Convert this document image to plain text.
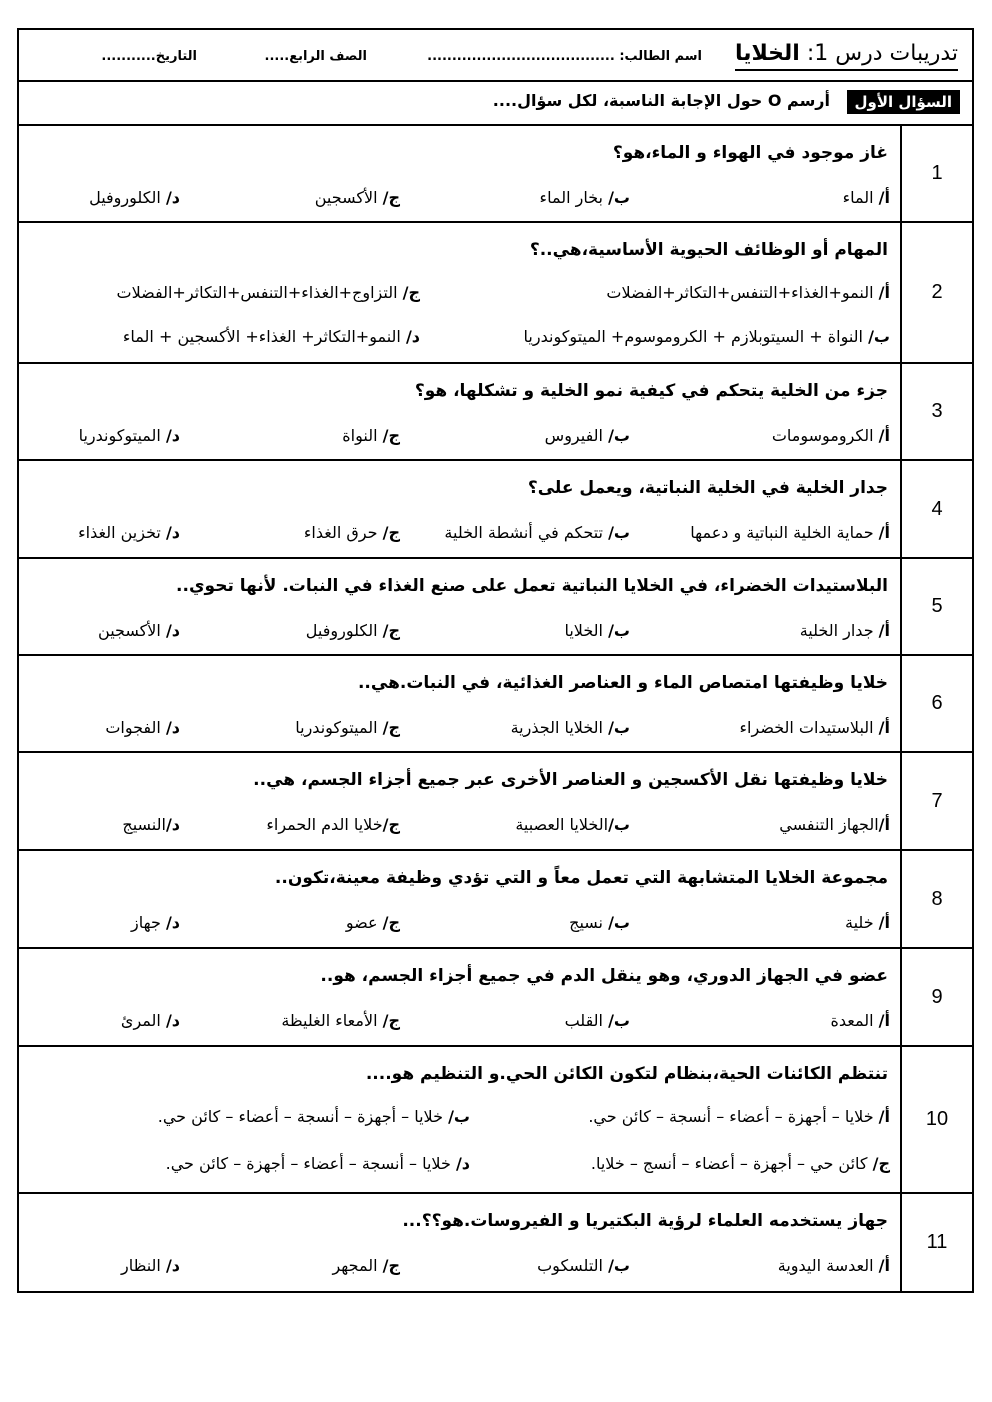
تدريبات درس 1: الخلايا
اسم الطالب: ......................................
الصف الرابع.....
التاريخ...........
السؤال الأول
أرسم O حول الإجابة الناسبة، لكل سؤال....
1
غاز موجود في الهواء و الماء،هو؟
أ/ الماء
ب/ بخار الماء
ج/ الأكسجين
د/ الكلوروفيل
2
المهام أو الوظائف الحيوية الأساسية،هي..؟
أ/ النمو+الغذاء+التنفس+التكاثر+الفضلات
ج/ التزاوج+الغذاء+التنفس+التكاثر+الفضلات
ب/ النواة + السيتوبلازم + الكروموسوم+ الميتوكوندريا
د/ النمو+التكاثر+ الغذاء+ الأكسجين + الماء
3
جزء من الخلية يتحكم في كيفية نمو الخلية و تشكلها، هو؟
أ/ الكروموسومات
ب/ الفيروس
ج/ النواة
د/ الميتوكوندريا
4
جدار الخلية في الخلية النباتية، ويعمل على؟
أ/ حماية الخلية النباتية و دعمها
ب/ تتحكم في أنشطة الخلية
ج/ حرق الغذاء
د/ تخزين الغذاء
5
البلاستيدات الخضراء، في الخلايا النباتية تعمل على صنع الغذاء في النبات. لأنها تحوي..
أ/ جدار الخلية
ب/ الخلايا
ج/ الكلوروفيل
د/ الأكسجين
6
خلايا وظيفتها امتصاص الماء و العناصر الغذائية، في النبات.هي..
أ/ البلاستيدات الخضراء
ب/ الخلايا الجذرية
ج/ الميتوكوندريا
د/ الفجوات
7
خلايا وظيفتها نقل الأكسجين و العناصر الأخرى عبر جميع أجزاء الجسم، هي..
أ/الجهاز التنفسي
ب/الخلايا العصبية
ج/خلايا الدم الحمراء
د/النسيج
8
مجموعة الخلايا المتشابهة التي تعمل معاً و التي تؤدي وظيفة معينة،تكون..
أ/ خلية
ب/ نسيج
ج/ عضو
د/ جهاز
9
عضو في الجهاز الدوري، وهو ينقل الدم في جميع أجزاء الجسم، هو..
أ/ المعدة
ب/ القلب
ج/ الأمعاء الغليظة
د/ المرئ
10
تنتظم الكائنات الحية،بنظام لتكون الكائن الحي.و التنظيم هو....
أ/ خلايا – أجهزة – أعضاء – أنسجة – كائن حي.
ب/ خلايا – أجهزة – أنسجة – أعضاء – كائن حي.
ج/ كائن حي – أجهزة – أعضاء – أنسج – خلايا.
د/ خلايا – أنسجة – أعضاء – أجهزة – كائن حي.
11
جهاز يستخدمه العلماء لرؤية البكتيريا و الفيروسات.هو؟؟...
أ/ العدسة اليدوية
ب/ التلسكوب
ج/ المجهر
د/ النظار
